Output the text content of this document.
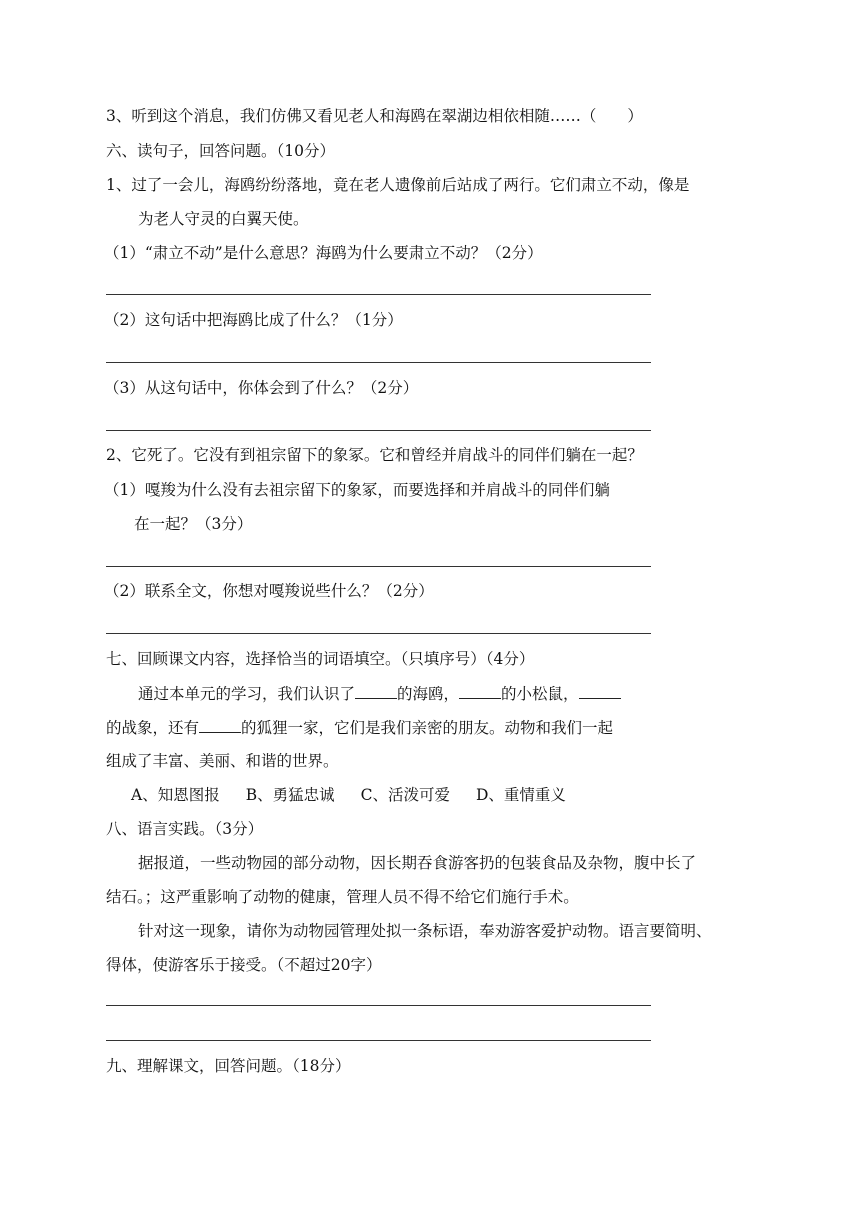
3、听到这个消息，我们仿佛又看见老人和海鸥在翠湖边相依相随……（　　）
六、读句子，回答问题。（10分）
1、过了一会儿，海鸥纷纷落地，竟在老人遗像前后站成了两行。它们肃立不动，像是
为老人守灵的白翼天使。
（1）“肃立不动”是什么意思？海鸥为什么要肃立不动？（2分）
（2）这句话中把海鸥比成了什么？（1分）
（3）从这句话中，你体会到了什么？（2分）
2、它死了。它没有到祖宗留下的象冢。它和曾经并肩战斗的同伴们躺在一起？
（1）嘎羧为什么没有去祖宗留下的象冢，而要选择和并肩战斗的同伴们躺
在一起？（3分）
（2）联系全文，你想对嘎羧说些什么？（2分）
七、回顾课文内容，选择恰当的词语填空。（只填序号）（4分）
通过本单元的学习，我们认识了	的海鸥，	的小松鼠，
的战象，还有	的狐狸一家，它们是我们亲密的朋友。动物和我们一起
组成了丰富、美丽、和谐的世界。
A、知恩图报 B、勇猛忠诚 C、活泼可爱 D、重情重义
八、语言实践。（3分）
据报道，一些动物园的部分动物，因长期吞食游客扔的包装食品及杂物，腹中长了
结石。；这严重影响了动物的健康，管理人员不得不给它们施行手术。
针对这一现象，请你为动物园管理处拟一条标语，奉劝游客爱护动物。语言要简明、
得体，使游客乐于接受。（不超过20字）
九、理解课文，回答问题。（18分）
